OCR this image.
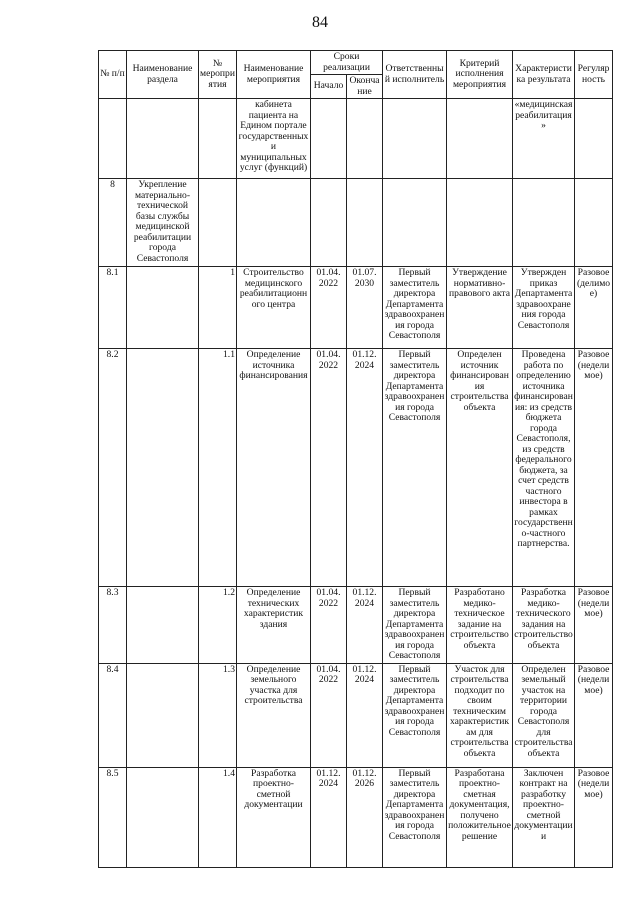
84
№ п/п	Наименование раздела	№ мероприятия	Наименование мероприятия	Сроки реализации		Ответственный исполнитель	Критерий исполнения мероприятия	Характеристика результата	Регулярность
				Начало	Окончание				
			кабинета пациента на Едином портале государственных и муниципальных услуг (функций)					«медицинская реабилитация»	
8	Укрепление материально-технической базы службы медицинской реабилитации города Севастополя								
8.1		1	Строительство медицинского реабилитационного центра	01.04. 2022	01.07. 2030	Первый заместитель директора Департамента здравоохранения города Севастополя	Утверждение нормативно-правового акта	Утвержден приказ Департамента здравоохранения города Севастополя	Разовое (делимое)
8.2		1.1	Определение источника финансирования	01.04. 2022	01.12. 2024	Первый заместитель директора Департамента здравоохранения города Севастополя	Определен источник финансирования строительства объекта	Проведена работа по определению источника финансирования: из средств бюджета города Севастополя, из средств федерального бюджета, за счет средств частного инвестора в рамках государственно-частного партнерства.	Разовое (неделимое)
8.3		1.2	Определение технических характеристик здания	01.04. 2022	01.12. 2024	Первый заместитель директора Департамента здравоохранения города Севастополя	Разработано медико-техническое задание на строительство объекта	Разработка медико-технического задания на строительство объекта	Разовое (неделимое)
8.4		1.3	Определение земельного участка для строительства	01.04. 2022	01.12. 2024	Первый заместитель директора Департамента здравоохранения города Севастополя	Участок для строительства подходит по своим техническим характеристикам для строительства объекта	Определен земельный участок на территории города Севастополя для строительства объекта	Разовое (неделимое)
8.5		1.4	Разработка проектно-сметной документации	01.12. 2024	01.12. 2026	Первый заместитель директора Департамента здравоохранения города Севастополя	Разработана проектно-сметная документация, получено положительное решение	Заключен контракт на разработку проектно-сметной документации и	Разовое (неделимое)
